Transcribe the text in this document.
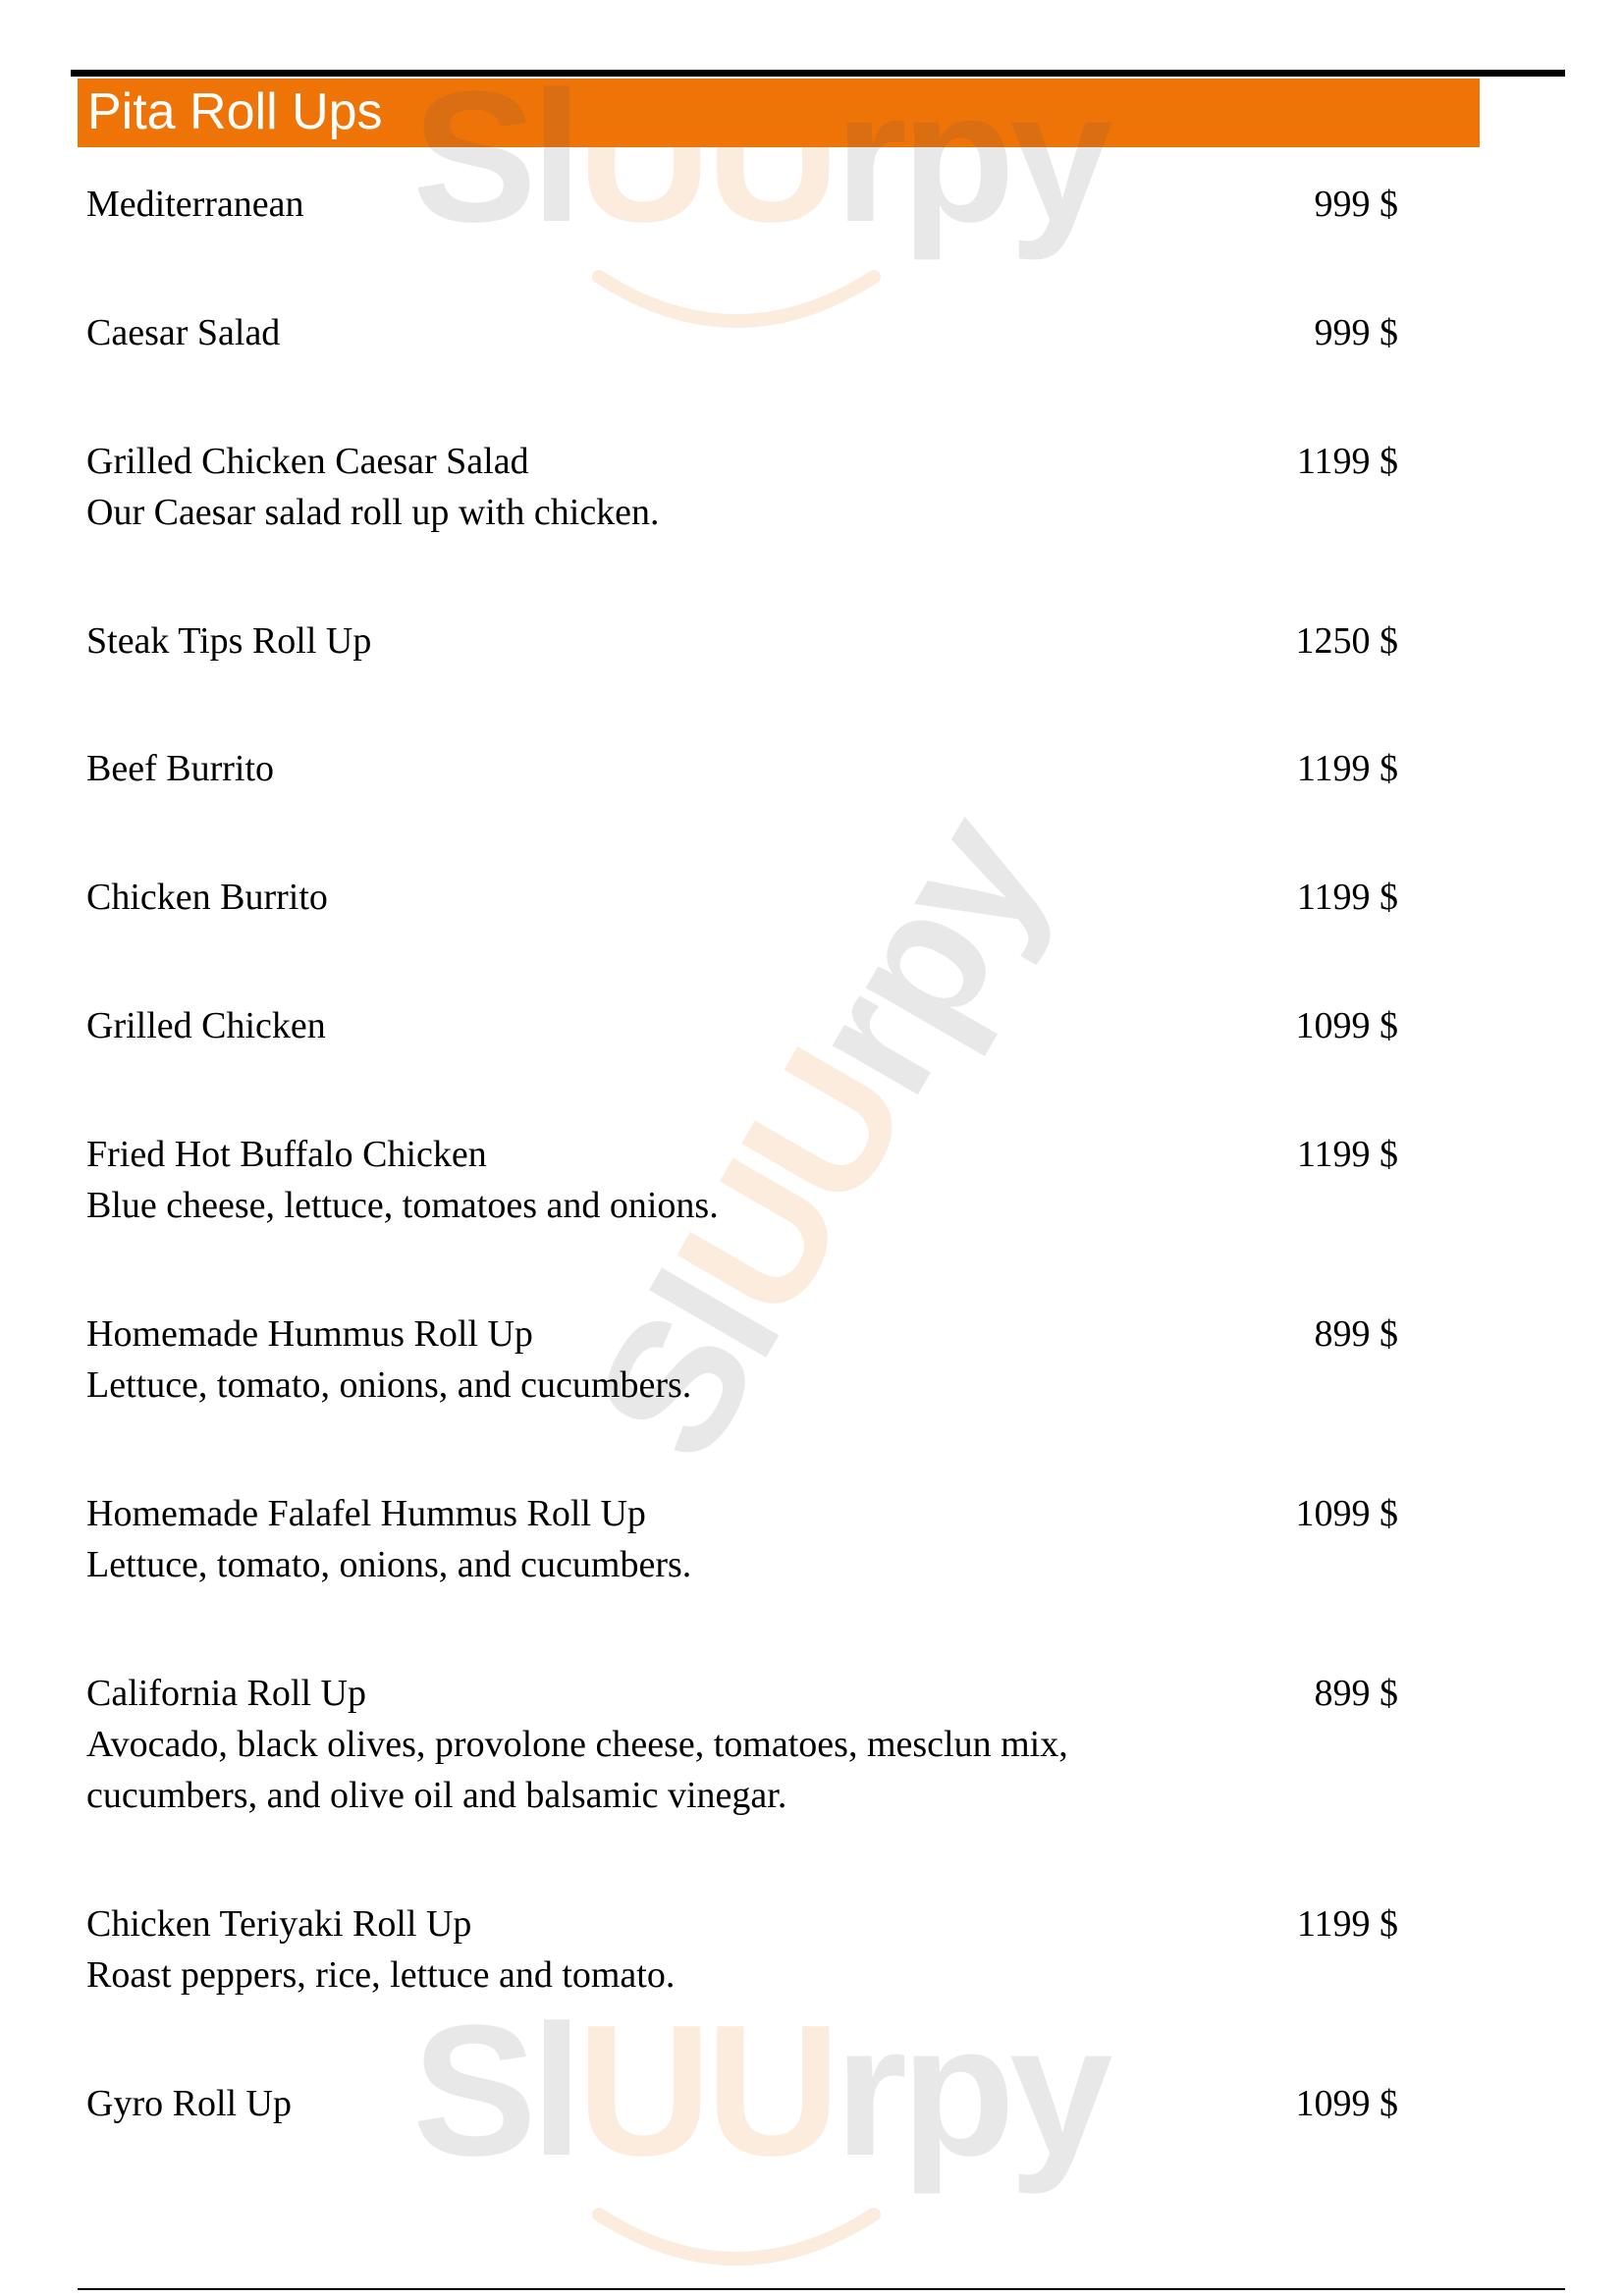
Pita Roll Ups SlUUrpy
SlUUrpy
SlUUrpy
Mediterranean	999 $
Caesar Salad	999 $
Grilled Chicken Caesar Salad	1199 $
Our Caesar salad roll up with chicken.
Steak Tips Roll Up	1250 $
Beef Burrito	1199 $
Chicken Burrito	1199 $
Grilled Chicken	1099 $
Fried Hot Buffalo Chicken	1199 $
Blue cheese, lettuce, tomatoes and onions.
Homemade Hummus Roll Up	899 $
Lettuce, tomato, onions, and cucumbers.
Homemade Falafel Hummus Roll Up	1099 $
Lettuce, tomato, onions, and cucumbers.
California Roll Up	899 $
Avocado, black olives, provolone cheese, tomatoes, mesclun mix, cucumbers, and olive oil and balsamic vinegar.
Chicken Teriyaki Roll Up	1199 $
Roast peppers, rice, lettuce and tomato.
Gyro Roll Up	1099 $
